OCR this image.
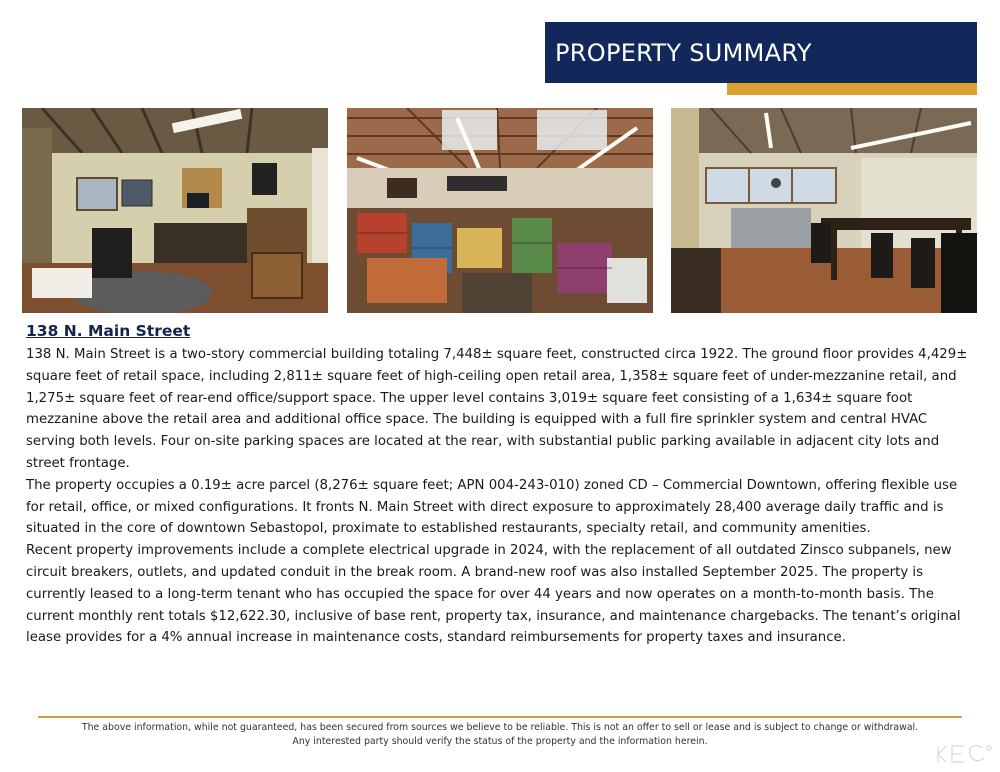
PROPERTY SUMMARY
138 N. Main Street

138 N. Main Street is a two-story commercial building totaling 7,448± square feet, constructed circa 1922. The ground floor provides 4,429± square feet of retail space, including 2,811± square feet of high-ceiling open retail area, 1,358± square feet of under-mezzanine retail, and 1,275± square feet of rear-end office/support space. The upper level contains 3,019± square feet consisting of a 1,634± square foot mezzanine above the retail area and additional office space. The building is equipped with a full fire sprinkler system and central HVAC serving both levels. Four on-site parking spaces are located at the rear, with substantial public parking available in adjacent city lots and street frontage.

The property occupies a 0.19± acre parcel (8,276± square feet; APN 004-243-010) zoned CD – Commercial Downtown, offering flexible use for retail, office, or mixed configurations. It fronts N. Main Street with direct exposure to approximately 28,400 average daily traffic and is situated in the core of downtown Sebastopol, proximate to established restaurants, specialty retail, and community amenities.

Recent property improvements include a complete electrical upgrade in 2024, with the replacement of all outdated Zinsco subpanels, new circuit breakers, outlets, and updated conduit in the break room. A brand-new roof was also installed September 2025. The property is currently leased to a long-term tenant who has occupied the space for over 44 years and now operates on a month-to-month basis. The current monthly rent totals $12,622.30, inclusive of base rent, property tax, insurance, and maintenance chargebacks. The tenant’s original lease provides for a 4% annual increase in maintenance costs, standard reimbursements for property taxes and insurance.

The above information, while not guaranteed, has been secured from sources we believe to be reliable. This is not an offer to sell or lease and is subject to change or withdrawal.
Any interested party should verify the status of the property and the information herein.
